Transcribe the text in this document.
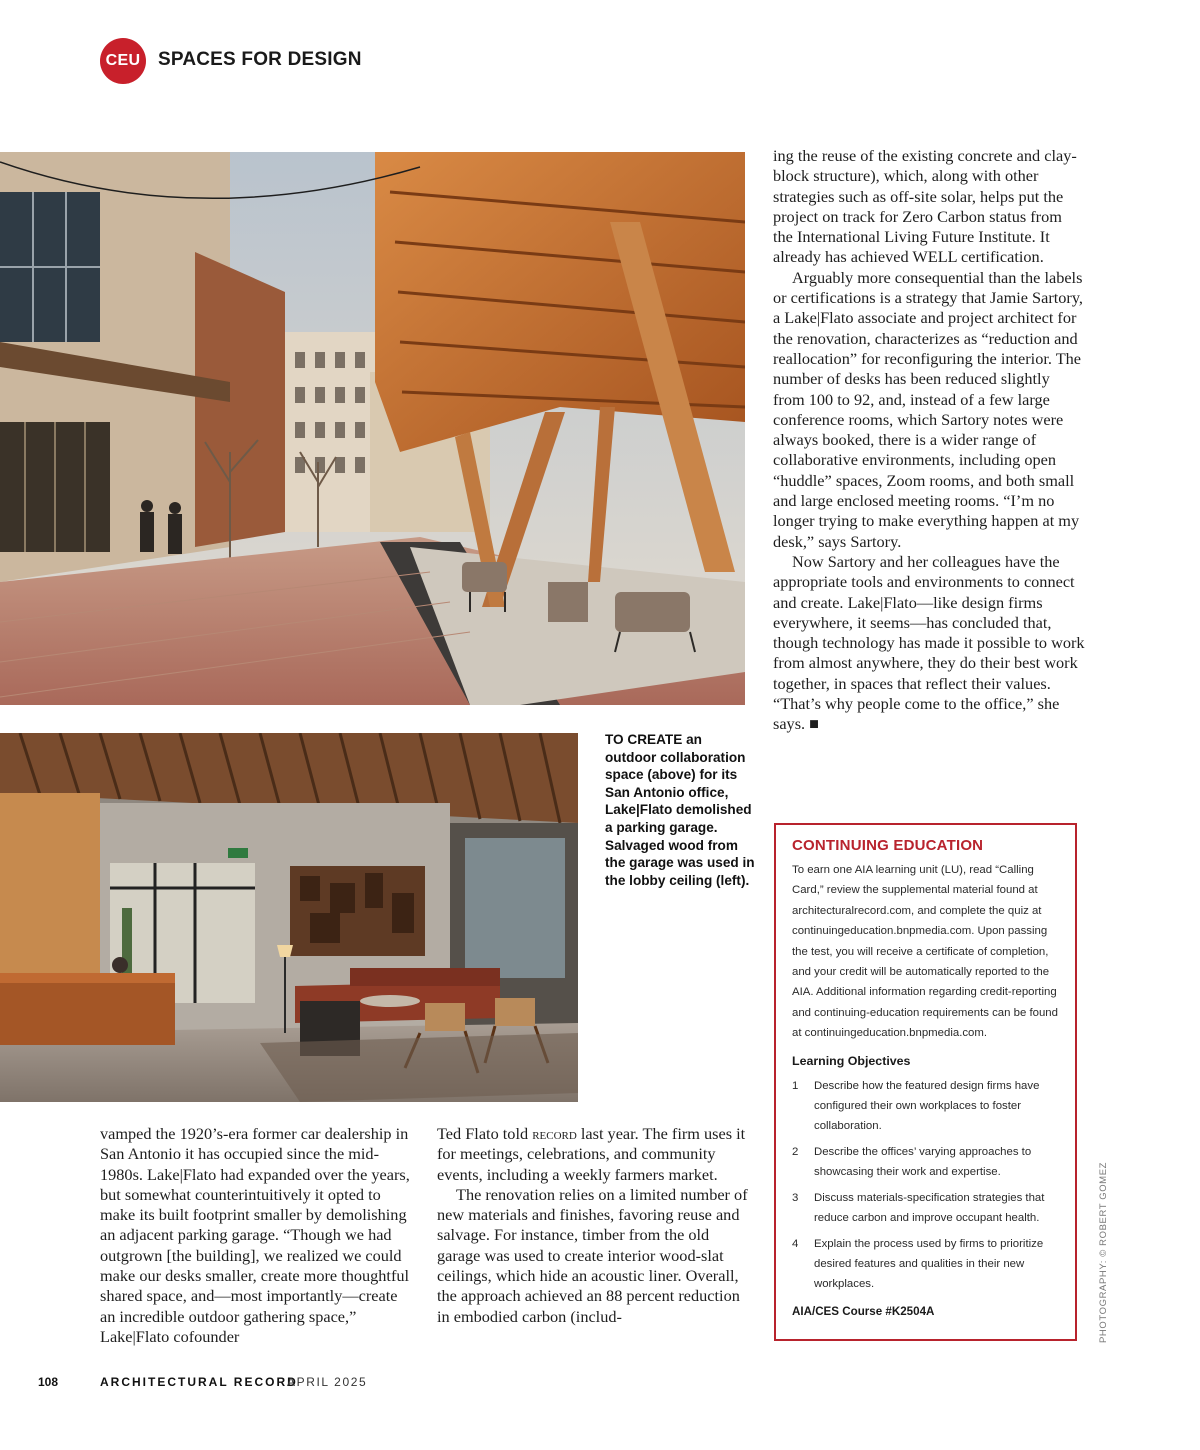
CEU SPACES FOR DESIGN
TO CREATE an outdoor collaboration space (above) for its San Antonio office, Lake|Flato demolished a parking garage. Salvaged wood from the garage was used in the lobby ceiling (left).

ing the reuse of the existing concrete and clay-block structure), which, along with other strategies such as off-site solar, helps put the project on track for Zero Carbon status from the International Living Future Institute. It already has achieved WELL certification.

Arguably more consequential than the labels or certifications is a strategy that Jamie Sartory, a Lake|Flato associate and project architect for the renovation, characterizes as “reduction and reallocation” for reconfiguring the interior. The number of desks has been reduced slightly from 100 to 92, and, instead of a few large conference rooms, which Sartory notes were always booked, there is a wider range of collaborative environments, including open “huddle” spaces, Zoom rooms, and both small and large enclosed meeting rooms. “I’m no longer trying to make everything happen at my desk,” says Sartory.

Now Sartory and her colleagues have the appropriate tools and environments to connect and create. Lake|Flato—like design firms everywhere, it seems—has concluded that, though technology has made it possible to work from almost anywhere, they do their best work together, in spaces that reflect their values. “That’s why people come to the office,” she says. ■

vamped the 1920’s-era former car dealership in San Antonio it has occupied since the mid-1980s. Lake|Flato had expanded over the years, but somewhat counterintuitively it opted to make its built footprint smaller by demolishing an adjacent parking garage. “Though we had outgrown [the building], we realized we could make our desks smaller, create more thoughtful shared space, and—most importantly—create an incredible outdoor gathering space,” Lake|Flato cofounder

Ted Flato told record last year. The firm uses it for meetings, celebrations, and community events, including a weekly farmers market.

The renovation relies on a limited number of new materials and finishes, favoring reuse and salvage. For instance, timber from the old garage was used to create interior wood-slat ceilings, which hide an acoustic liner. Overall, the approach achieved an 88 percent reduction in embodied carbon (includ-

CONTINUING EDUCATION

To earn one AIA learning unit (LU), read “Calling Card,” review the supplemental material found at architecturalrecord.com, and complete the quiz at continuingeducation.bnpmedia.com. Upon passing the test, you will receive a certificate of completion, and your credit will be automatically reported to the AIA. Additional information regarding credit-reporting and continuing-education requirements can be found at continuingeducation.bnpmedia.com.

Learning Objectives
1	Describe how the featured design firms have configured their own workplaces to foster collaboration.
2	Describe the offices’ varying approaches to showcasing their work and expertise.
3	Discuss materials-specification strategies that reduce carbon and improve occupant health.
4	Explain the process used by firms to prioritize desired features and qualities in their new workplaces.
AIA/CES Course #K2504A	PHOTOGRAPHY: © ROBERT GOMEZ
108	ARCHITECTURAL RECORD
APRIL 2025
